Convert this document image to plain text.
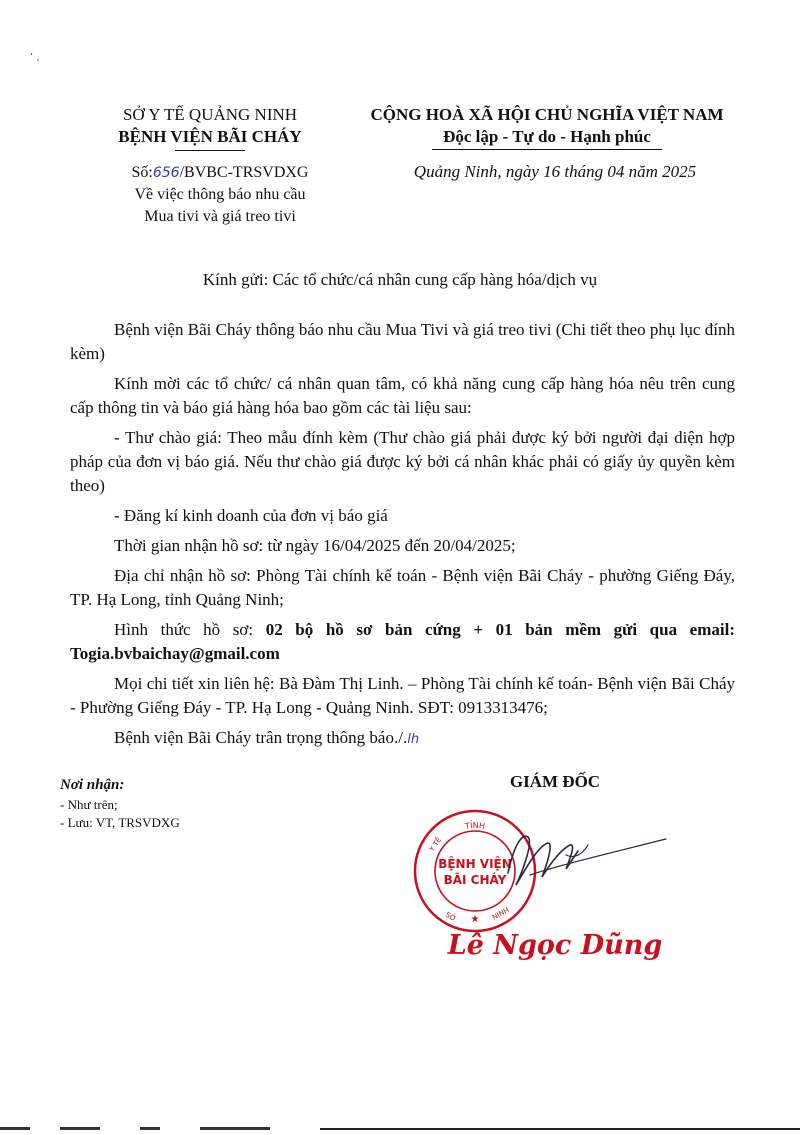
ʻ ,
SỞ Y TẾ QUẢNG NINH
BỆNH VIỆN BÃI CHÁY
CỘNG HOÀ XÃ HỘI CHỦ NGHĨA VIỆT NAM
Độc lập - Tự do - Hạnh phúc
Số:656/BVBC-TRSVDXG
Về việc thông báo nhu cầu
Mua tivi và giá treo tivi
Quảng Ninh, ngày 16 tháng 04 năm 2025
Kính gửi: Các tổ chức/cá nhân cung cấp hàng hóa/dịch vụ

Bệnh viện Bãi Cháy thông báo nhu cầu Mua Tivi và giá treo tivi (Chi tiết theo phụ lục đính kèm)

Kính mời các tổ chức/ cá nhân quan tâm, có khả năng cung cấp hàng hóa nêu trên cung cấp thông tin và báo giá hàng hóa bao gồm các tài liệu sau:

- Thư chào giá: Theo mẫu đính kèm (Thư chào giá phải được ký bởi người đại diện hợp pháp của đơn vị báo giá. Nếu thư chào giá được ký bởi cá nhân khác phải có giấy ủy quyền kèm theo)

- Đăng kí kinh doanh của đơn vị báo giá

Thời gian nhận hồ sơ: từ ngày 16/04/2025 đến 20/04/2025;

Địa chỉ nhận hồ sơ: Phòng Tài chính kế toán - Bệnh viện Bãi Cháy - phường Giếng Đáy, TP. Hạ Long, tỉnh Quảng Ninh;

Hình thức hồ sơ: 02 bộ hồ sơ bản cứng + 01 bản mềm gửi qua email: Togia.bvbaichay@gmail.com

Mọi chi tiết xin liên hệ: Bà Đàm Thị Linh. – Phòng Tài chính kế toán- Bệnh viện Bãi Cháy - Phường Giếng Đáy - TP. Hạ Long - Quảng Ninh. SĐT: 0913313476;

Bệnh viện Bãi Cháy trân trọng thông báo./.lh

Nơi nhận:
- Như trên;
- Lưu: VT, TRSVDXG
GIÁM ĐỐC
TỈNH
Y TẾ
BỆNH VIỆN
BÃI CHÁY
SỞ	NINH
★
Lê Ngọc Dũng
